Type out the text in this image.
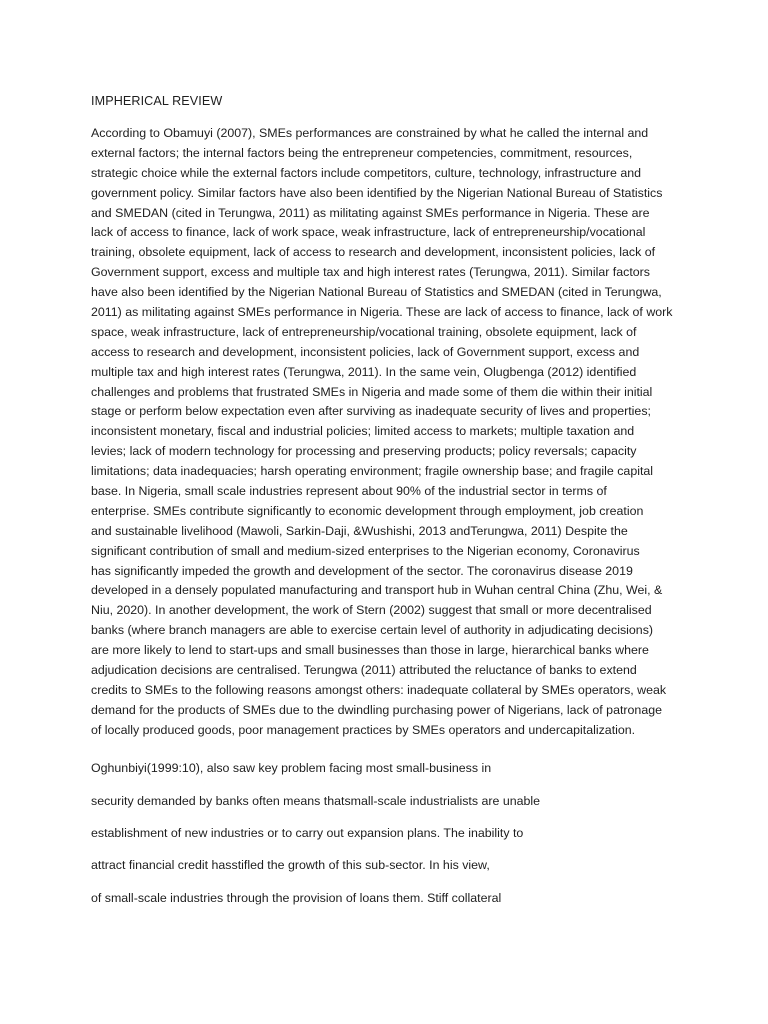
IMPHERICAL REVIEW
According to Obamuyi (2007), SMEs performances are constrained by what he called the internal and
external factors; the internal factors being the entrepreneur competencies, commitment, resources,
strategic choice while the external factors include competitors, culture, technology, infrastructure and
government policy. Similar factors have also been identified by the Nigerian National Bureau of Statistics
and SMEDAN (cited in Terungwa, 2011) as militating against SMEs performance in Nigeria. These are
lack of access to finance, lack of work space, weak infrastructure, lack of entrepreneurship/vocational
training, obsolete equipment, lack of access to research and development, inconsistent policies, lack of
Government support, excess and multiple tax and high interest rates (Terungwa, 2011). Similar factors
have also been identified by the Nigerian National Bureau of Statistics and SMEDAN (cited in Terungwa,
2011) as militating against SMEs performance in Nigeria. These are lack of access to finance, lack of work
space, weak infrastructure, lack of entrepreneurship/vocational training, obsolete equipment, lack of
access to research and development, inconsistent policies, lack of Government support, excess and
multiple tax and high interest rates (Terungwa, 2011). In the same vein, Olugbenga (2012) identified
challenges and problems that frustrated SMEs in Nigeria and made some of them die within their initial
stage or perform below expectation even after surviving as inadequate security of lives and properties;
inconsistent monetary, fiscal and industrial policies; limited access to markets; multiple taxation and
levies; lack of modern technology for processing and preserving products; policy reversals; capacity
limitations; data inadequacies; harsh operating environment; fragile ownership base; and fragile capital
base. In Nigeria, small scale industries represent about 90% of the industrial sector in terms of
enterprise. SMEs contribute significantly to economic development through employment, job creation
and sustainable livelihood (Mawoli, Sarkin-Daji, &Wushishi, 2013 andTerungwa, 2011) Despite the
significant contribution of small and medium-sized enterprises to the Nigerian economy, Coronavirus
has significantly impeded the growth and development of the sector. The coronavirus disease 2019
developed in a densely populated manufacturing and transport hub in Wuhan central China (Zhu, Wei, &
Niu, 2020). In another development, the work of Stern (2002) suggest that small or more decentralised
banks (where branch managers are able to exercise certain level of authority in adjudicating decisions)
are more likely to lend to start-ups and small businesses than those in large, hierarchical banks where
adjudication decisions are centralised. Terungwa (2011) attributed the reluctance of banks to extend
credits to SMEs to the following reasons amongst others: inadequate collateral by SMEs operators, weak
demand for the products of SMEs due to the dwindling purchasing power of Nigerians, lack of patronage
of locally produced goods, poor management practices by SMEs operators and undercapitalization.
Oghunbiyi(1999:10), also saw key problem facing most small-business in
security demanded by banks often means thatsmall-scale industrialists are unable
establishment of new industries or to carry out expansion plans. The inability to
attract financial credit hasstifled the growth of this sub-sector. In his view,
of small-scale industries through the provision of loans them. Stiff collateral
